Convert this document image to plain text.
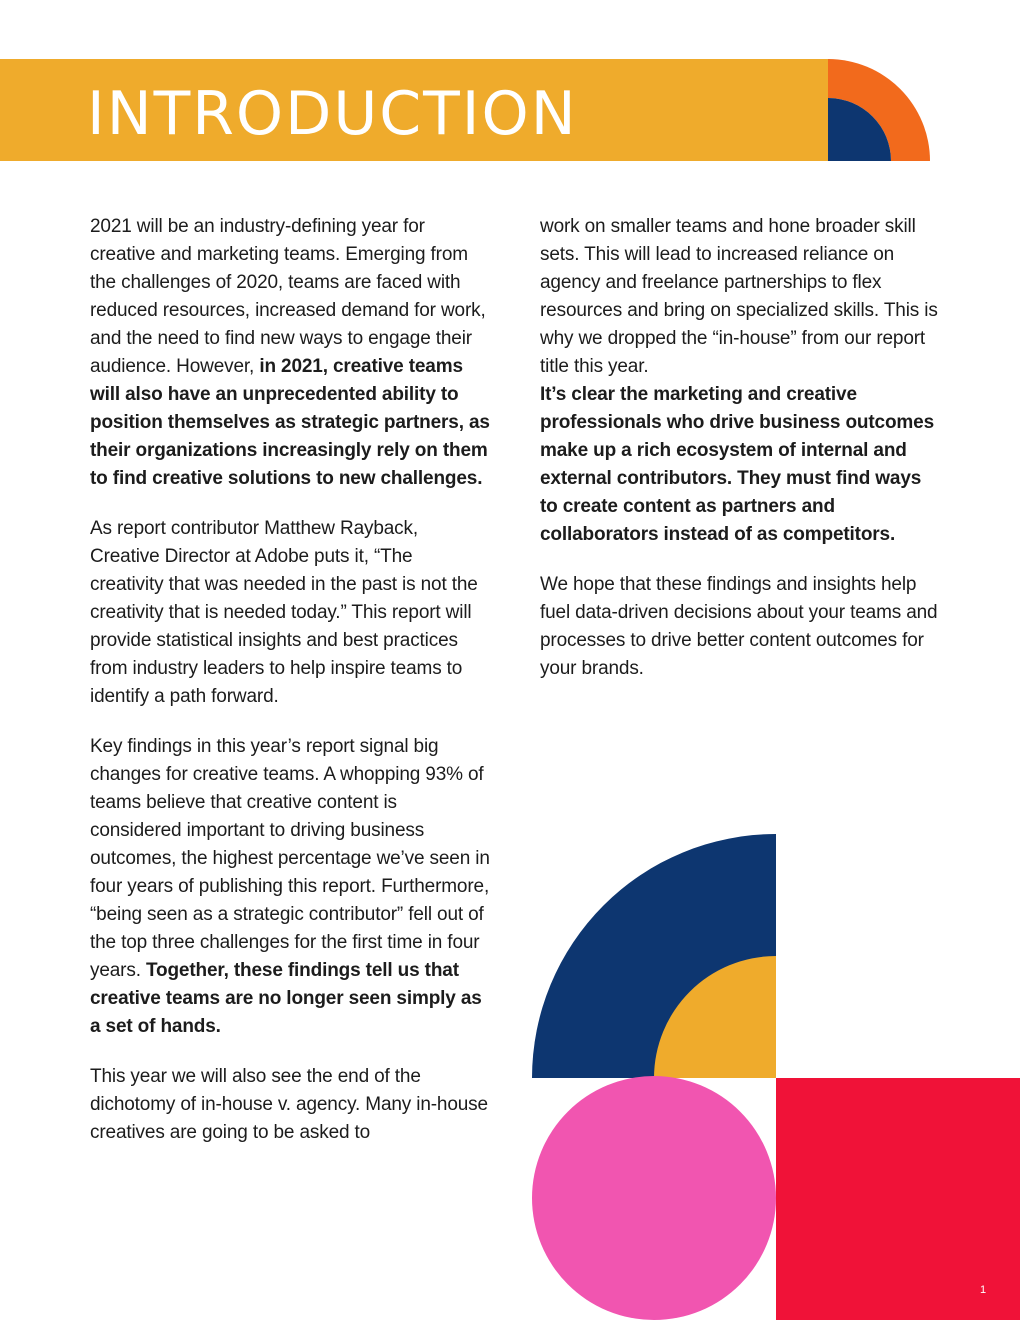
INTRODUCTION

2021 will be an industry-defining year for creative and marketing teams. Emerging from the challenges of 2020, teams are faced with reduced resources, increased demand for work, and the need to find new ways to engage their audience. However, in 2021, creative teams will also have an unprecedented ability to position themselves as strategic partners, as their organizations increasingly rely on them to find creative solutions to new challenges.

As report contributor Matthew Rayback, Creative Director at Adobe puts it, “The creativity that was needed in the past is not the creativity that is needed today.” This report will provide statistical insights and best practices from industry leaders to help inspire teams to identify a path forward.

Key findings in this year’s report signal big changes for creative teams. A whopping 93% of teams believe that creative content is considered important to driving business outcomes, the highest percentage we’ve seen in four years of publishing this report. Furthermore, “being seen as a strategic contributor” fell out of the top three challenges for the first time in four years. Together, these findings tell us that creative teams are no longer seen simply as a set of hands.

This year we will also see the end of the dichotomy of in-house v. agency. Many in-house creatives are going to be asked to

work on smaller teams and hone broader skill sets. This will lead to increased reliance on agency and freelance partnerships to flex resources and bring on specialized skills. This is why we dropped the “in-house” from our report title this year.
It’s clear the marketing and creative professionals who drive business outcomes make up a rich ecosystem of internal and external contributors. They must find ways to create content as partners and collaborators instead of as competitors.

We hope that these findings and insights help fuel data-driven decisions about your teams and processes to drive better content outcomes for your brands.

1
